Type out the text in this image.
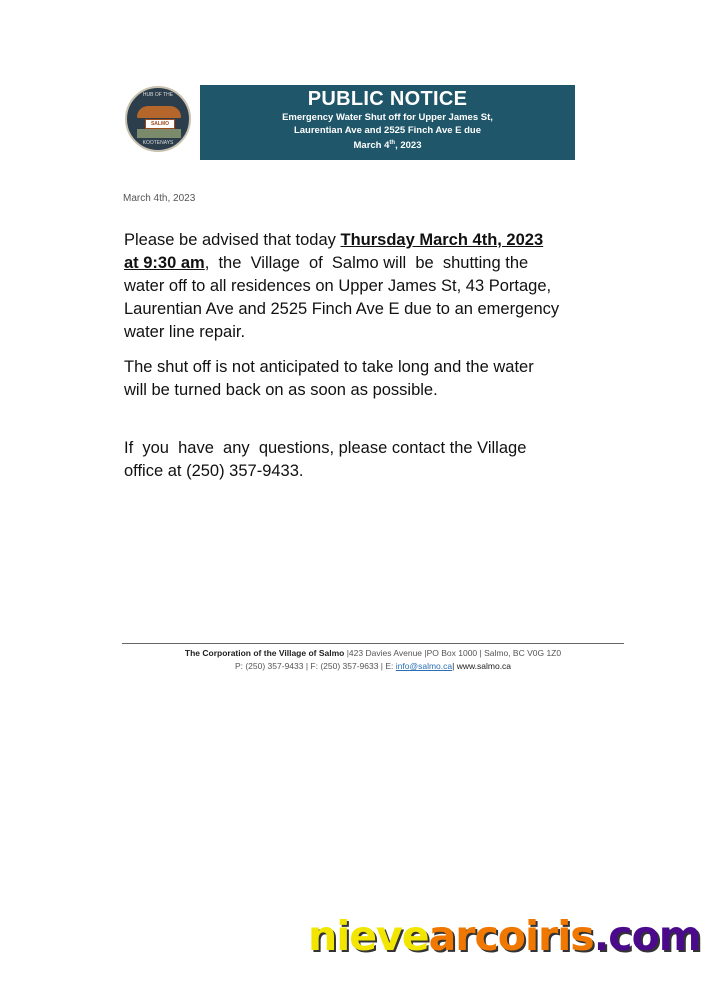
HUB OF THE
SALMO
KOOTENAYS
PUBLIC NOTICE
Emergency Water Shut off for Upper James St,
Laurentian Ave and 2525 Finch Ave E due
March 4th, 2023
March 4th, 2023

Please be advised that today Thursday March 4th, 2023
at 9:30 am,  the  Village  of  Salmo will  be  shutting the
water off to all residences on Upper James St, 43 Portage,
Laurentian Ave and 2525 Finch Ave E due to an emergency
water line repair.

The shut off is not anticipated to take long and the water
will be turned back on as soon as possible.

If  you  have  any  questions, please contact the Village
office at (250) 357-9433.

The Corporation of the Village of Salmo |423 Davies Avenue |PO Box 1000 | Salmo, BC V0G 1Z0
P: (250) 357-9433 | F: (250) 357-9633 | E: info@salmo.ca| www.salmo.ca
nievearcoiris.com
